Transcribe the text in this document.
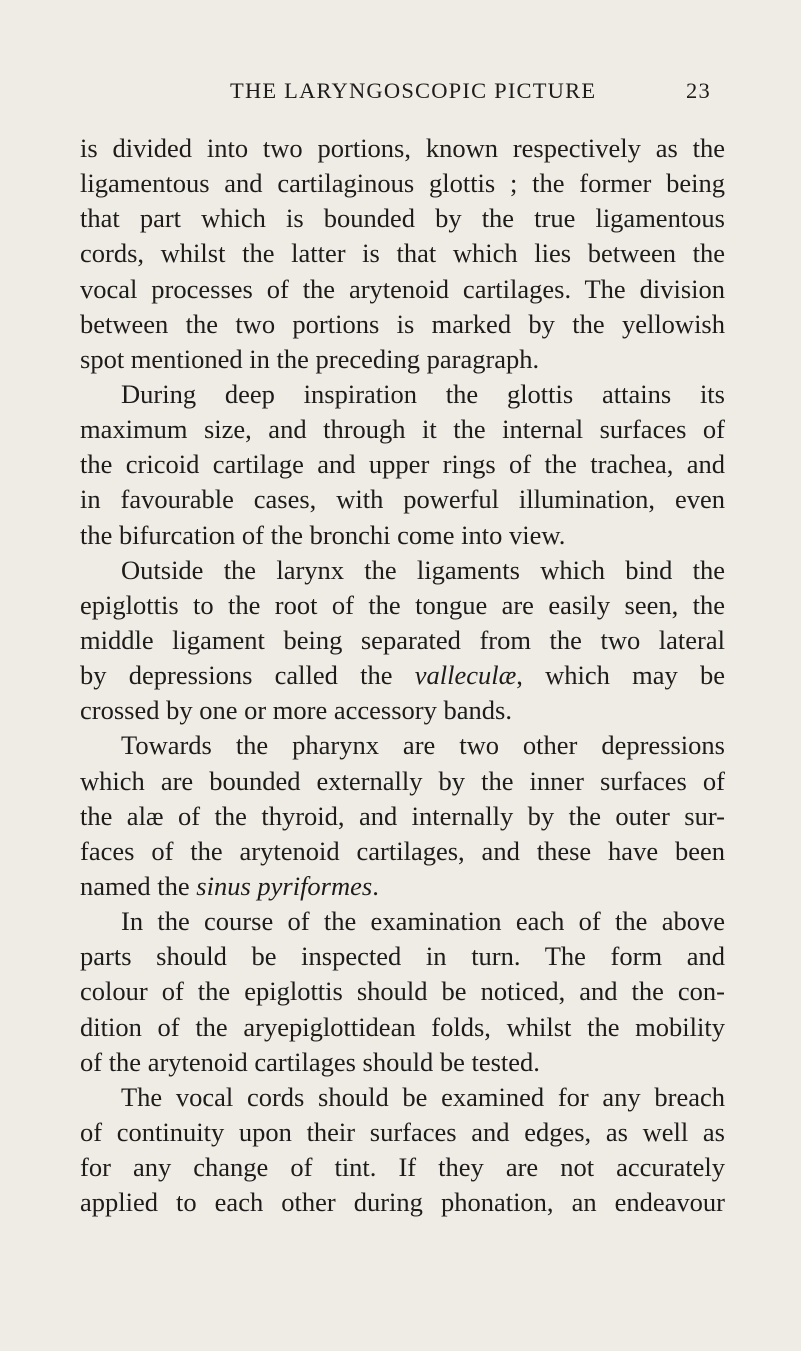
THE LARYNGOSCOPIC PICTURE	23
is divided into two portions, known respectively as the
ligamentous and cartilaginous glottis ; the former being
that part which is bounded by the true ligamentous
cords, whilst the latter is that which lies between the
vocal processes of the arytenoid cartilages. The division
between the two portions is marked by the yellowish
spot mentioned in the preceding paragraph.
During deep inspiration the glottis attains its
maximum size, and through it the internal surfaces of
the cricoid cartilage and upper rings of the trachea, and
in favourable cases, with powerful illumination, even
the bifurcation of the bronchi come into view.
Outside the larynx the ligaments which bind the
epiglottis to the root of the tongue are easily seen, the
middle ligament being separated from the two lateral
by depressions called the valleculæ, which may be
crossed by one or more accessory bands.
Towards the pharynx are two other depressions
which are bounded externally by the inner surfaces of
the alæ of the thyroid, and internally by the outer sur-
faces of the arytenoid cartilages, and these have been
named the sinus pyriformes.
In the course of the examination each of the above
parts should be inspected in turn. The form and
colour of the epiglottis should be noticed, and the con-
dition of the aryepiglottidean folds, whilst the mobility
of the arytenoid cartilages should be tested.
The vocal cords should be examined for any breach
of continuity upon their surfaces and edges, as well as
for any change of tint. If they are not accurately
applied to each other during phonation, an endeavour
